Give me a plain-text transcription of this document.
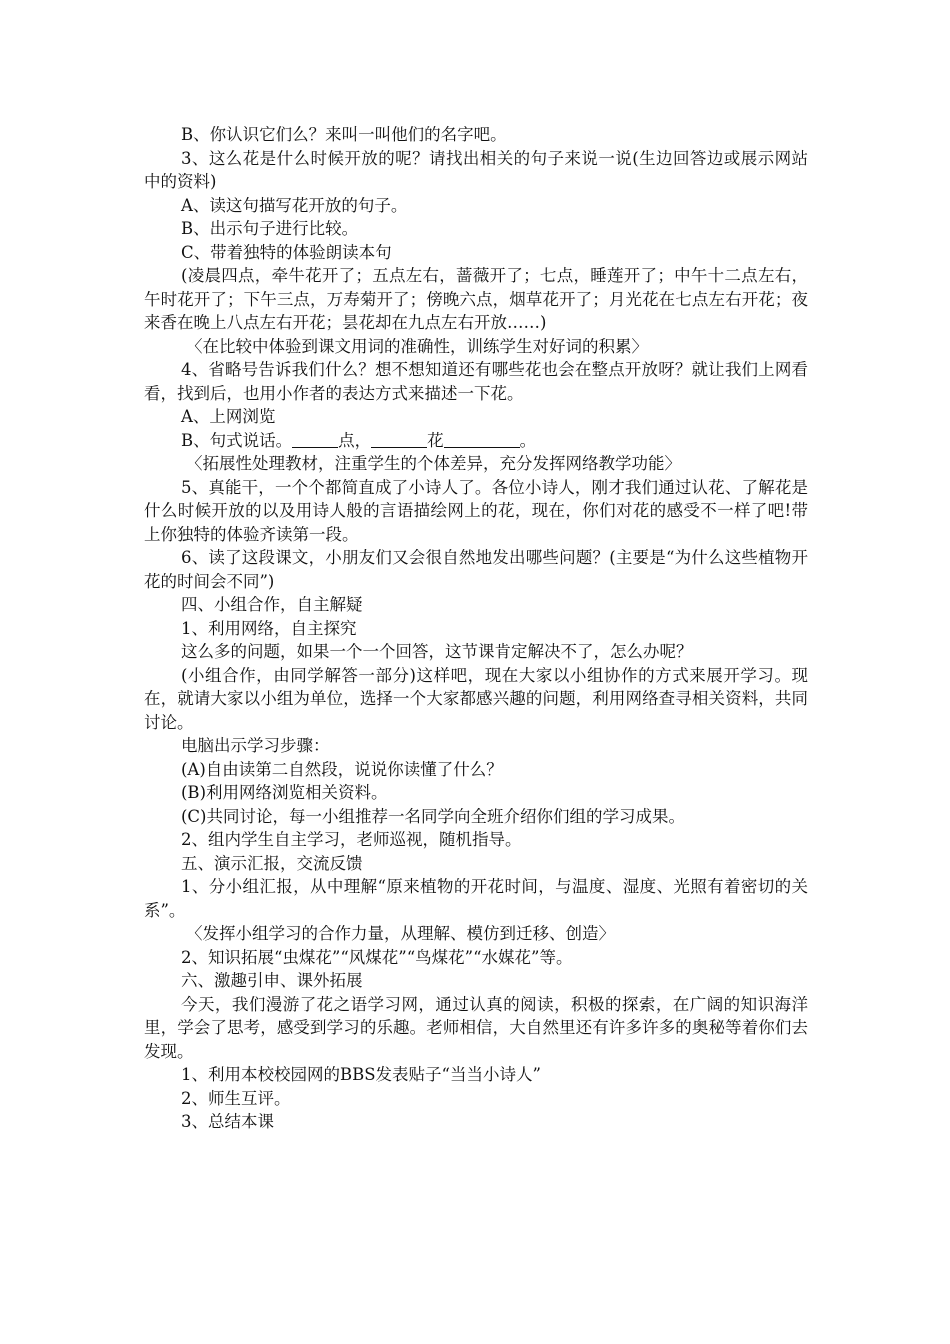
B、你认识它们么？来叫一叫他们的名字吧。

3、这么花是什么时候开放的呢？请找出相关的句子来说一说(生边回答边或展示网站中的资料)

A、读这句描写花开放的句子。

B、出示句子进行比较。

C、带着独特的体验朗读本句

(凌晨四点，牵牛花开了；五点左右，蔷薇开了；七点，睡莲开了；中午十二点左右，午时花开了；下午三点，万寿菊开了；傍晚六点，烟草花开了；月光花在七点左右开花；夜来香在晚上八点左右开花；昙花却在九点左右开放……)

〈在比较中体验到课文用词的准确性，训练学生对好词的积累〉

4、省略号告诉我们什么？想不想知道还有哪些花也会在整点开放呀？就让我们上网看看，找到后，也用小作者的表达方式来描述一下花。

A、上网浏览

B、句式说话。	点，	花	。

〈拓展性处理教材，注重学生的个体差异，充分发挥网络教学功能〉

5、真能干，一个个都简直成了小诗人了。各位小诗人，刚才我们通过认花、了解花是什么时候开放的以及用诗人般的言语描绘网上的花，现在，你们对花的感受不一样了吧!带上你独特的体验齐读第一段。

6、读了这段课文，小朋友们又会很自然地发出哪些问题？(主要是“为什么这些植物开花的时间会不同”)

四、小组合作，自主解疑

1、利用网络，自主探究

这么多的问题，如果一个一个回答，这节课肯定解决不了，怎么办呢？

(小组合作，由同学解答一部分)这样吧，现在大家以小组协作的方式来展开学习。现在，就请大家以小组为单位，选择一个大家都感兴趣的问题，利用网络查寻相关资料，共同讨论。

电脑出示学习步骤：

(A)自由读第二自然段，说说你读懂了什么？

(B)利用网络浏览相关资料。

(C)共同讨论，每一小组推荐一名同学向全班介绍你们组的学习成果。

2、组内学生自主学习，老师巡视，随机指导。

五、演示汇报，交流反馈

1、分小组汇报，从中理解“原来植物的开花时间，与温度、湿度、光照有着密切的关系”。

〈发挥小组学习的合作力量，从理解、模仿到迁移、创造〉

2、知识拓展“虫煤花”“风煤花”“鸟煤花”“水媒花”等。

六、激趣引申、课外拓展

今天，我们漫游了花之语学习网，通过认真的阅读，积极的探索，在广阔的知识海洋里，学会了思考，感受到学习的乐趣。老师相信，大自然里还有许多许多的奥秘等着你们去发现。

1、利用本校校园网的BBS发表贴子“当当小诗人”

2、师生互评。

3、总结本课
